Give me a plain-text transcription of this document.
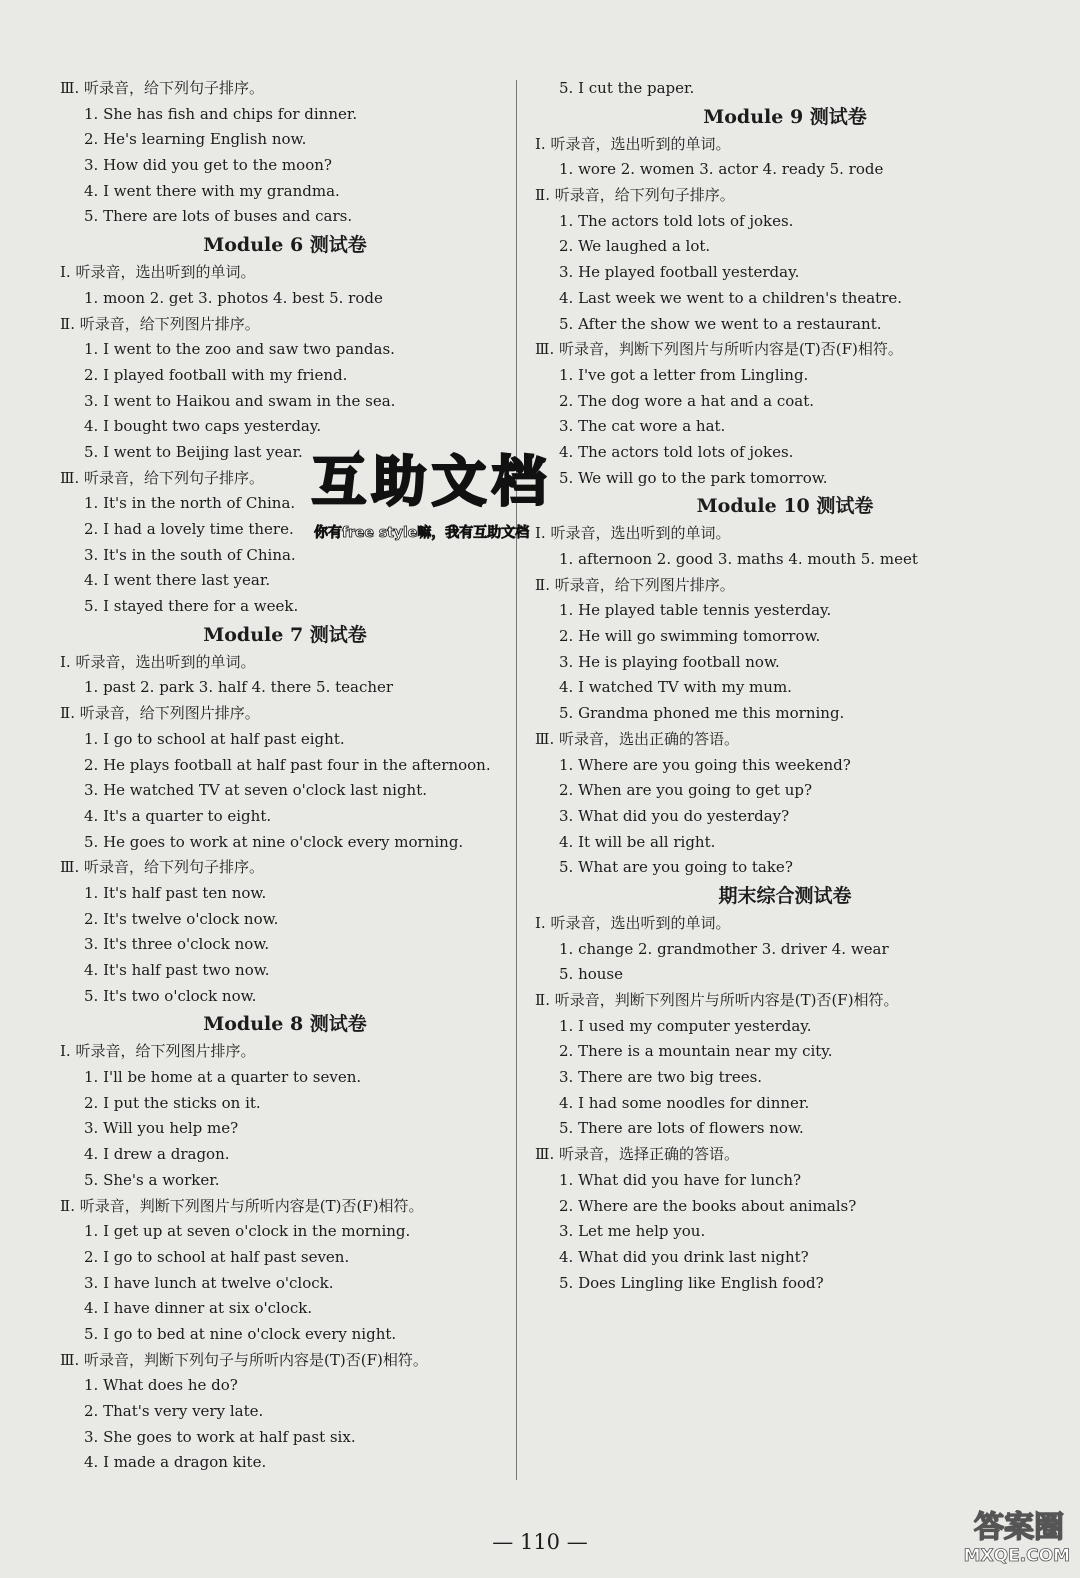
Ⅲ. 听录音，给下列句子排序。
1. She has fish and chips for dinner.
2. He's learning English now.
3. How did you get to the moon?
4. I went there with my grandma.
5. There are lots of buses and cars.
Module 6 测试卷
Ⅰ. 听录音，选出听到的单词。
1. moon 2. get 3. photos 4. best 5. rode
Ⅱ. 听录音，给下列图片排序。
1. I went to the zoo and saw two pandas.
2. I played football with my friend.
3. I went to Haikou and swam in the sea.
4. I bought two caps yesterday.
5. I went to Beijing last year.
Ⅲ. 听录音，给下列句子排序。
1. It's in the north of China.
2. I had a lovely time there.
3. It's in the south of China.
4. I went there last year.
5. I stayed there for a week.
Module 7 测试卷
Ⅰ. 听录音，选出听到的单词。
1. past 2. park 3. half 4. there 5. teacher
Ⅱ. 听录音，给下列图片排序。
1. I go to school at half past eight.
2. He plays football at half past four in the afternoon.
3. He watched TV at seven o'clock last night.
4. It's a quarter to eight.
5. He goes to work at nine o'clock every morning.
Ⅲ. 听录音，给下列句子排序。
1. It's half past ten now.
2. It's twelve o'clock now.
3. It's three o'clock now.
4. It's half past two now.
5. It's two o'clock now.
Module 8 测试卷
Ⅰ. 听录音，给下列图片排序。
1. I'll be home at a quarter to seven.
2. I put the sticks on it.
3. Will you help me?
4. I drew a dragon.
5. She's a worker.
Ⅱ. 听录音，判断下列图片与所听内容是(T)否(F)相符。
1. I get up at seven o'clock in the morning.
2. I go to school at half past seven.
3. I have lunch at twelve o'clock.
4. I have dinner at six o'clock.
5. I go to bed at nine o'clock every night.
Ⅲ. 听录音，判断下列句子与所听内容是(T)否(F)相符。
1. What does he do?
2. That's very very late.
3. She goes to work at half past six.
4. I made a dragon kite.
5. I cut the paper.
Module 9 测试卷
Ⅰ. 听录音，选出听到的单词。
1. wore 2. women 3. actor 4. ready 5. rode
Ⅱ. 听录音，给下列句子排序。
1. The actors told lots of jokes.
2. We laughed a lot.
3. He played football yesterday.
4. Last week we went to a children's theatre.
5. After the show we went to a restaurant.
Ⅲ. 听录音，判断下列图片与所听内容是(T)否(F)相符。
1. I've got a letter from Lingling.
2. The dog wore a hat and a coat.
3. The cat wore a hat.
4. The actors told lots of jokes.
5. We will go to the park tomorrow.
Module 10 测试卷
Ⅰ. 听录音，选出听到的单词。
1. afternoon 2. good 3. maths 4. mouth 5. meet
Ⅱ. 听录音，给下列图片排序。
1. He played table tennis yesterday.
2. He will go swimming tomorrow.
3. He is playing football now.
4. I watched TV with my mum.
5. Grandma phoned me this morning.
Ⅲ. 听录音，选出正确的答语。
1. Where are you going this weekend?
2. When are you going to get up?
3. What did you do yesterday?
4. It will be all right.
5. What are you going to take?
期末综合测试卷
Ⅰ. 听录音，选出听到的单词。
1. change 2. grandmother 3. driver 4. wear
5. house
Ⅱ. 听录音，判断下列图片与所听内容是(T)否(F)相符。
1. I used my computer yesterday.
2. There is a mountain near my city.
3. There are two big trees.
4. I had some noodles for dinner.
5. There are lots of flowers now.
Ⅲ. 听录音，选择正确的答语。
1. What did you have for lunch?
2. Where are the books about animals?
3. Let me help you.
4. What did you drink last night?
5. Does Lingling like English food?
— 110 —
互助文档
你有free style嘛，我有互助文档
答案圈
MXQE.COM
